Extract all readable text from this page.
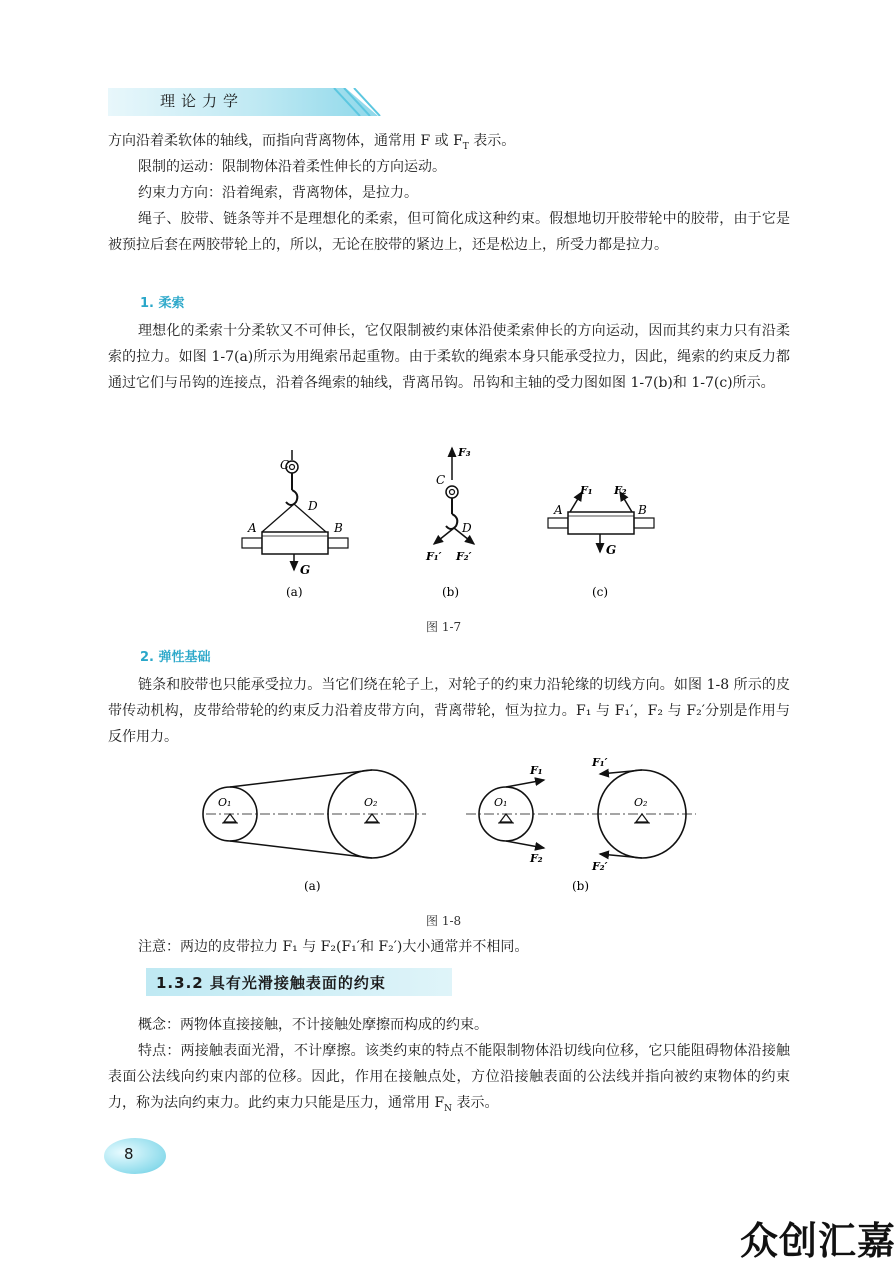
理论力学

方向沿着柔软体的轴线，而指向背离物体，通常用 F 或 $F_T$ 表示。

限制的运动：限制物体沿着柔性伸长的方向运动。

约束力方向：沿着绳索，背离物体，是拉力。

绳子、胶带、链条等并不是理想化的柔索，但可简化成这种约束。假想地切开胶带轮中的胶带，由于它是被预拉后套在两胶带轮上的，所以，无论在胶带的紧边上，还是松边上，所受力都是拉力。

1. 柔索

理想化的柔索十分柔软又不可伸长，它仅限制被约束体沿使柔索伸长的方向运动，因而其约束力只有沿柔索的拉力。如图 1-7(a)所示为用绳索吊起重物。由于柔软的绳索本身只能承受拉力，因此，绳索的约束反力都通过它们与吊钩的连接点，沿着各绳索的轴线，背离吊钩。吊钩和主轴的受力图如图 1-7(b)和 1-7(c)所示。

C
D
A	B
G
(a)
F₃
C
D
F₁′ F₂′
(b)
F₁ F₂
A	B
G
(c)
图 1-7
2. 弹性基础

链条和胶带也只能承受拉力。当它们绕在轮子上，对轮子的约束力沿轮缘的切线方向。如图 1-8 所示的皮带传动机构，皮带给带轮的约束反力沿着皮带方向，背离带轮，恒为拉力。F₁ 与 F₁′，F₂ 与 F₂′分别是作用与反作用力。

O₁	O₂
(a)
O₁	O₂
F₁
F₂
F₁′
F₂′
(b)
图 1-8

注意：两边的皮带拉力 F₁ 与 F₂(F₁′和 F₂′)大小通常并不相同。

1.3.2 具有光滑接触表面的约束

概念：两物体直接接触，不计接触处摩擦而构成的约束。

特点：两接触表面光滑，不计摩擦。该类约束的特点不能限制物体沿切线向位移，它只能阻碍物体沿接触表面公法线向约束内部的位移。因此，作用在接触点处，方位沿接触表面的公法线并指向被约束物体的约束力，称为法向约束力。此约束力只能是压力，通常用 $F_N$ 表示。

8
众创汇嘉
